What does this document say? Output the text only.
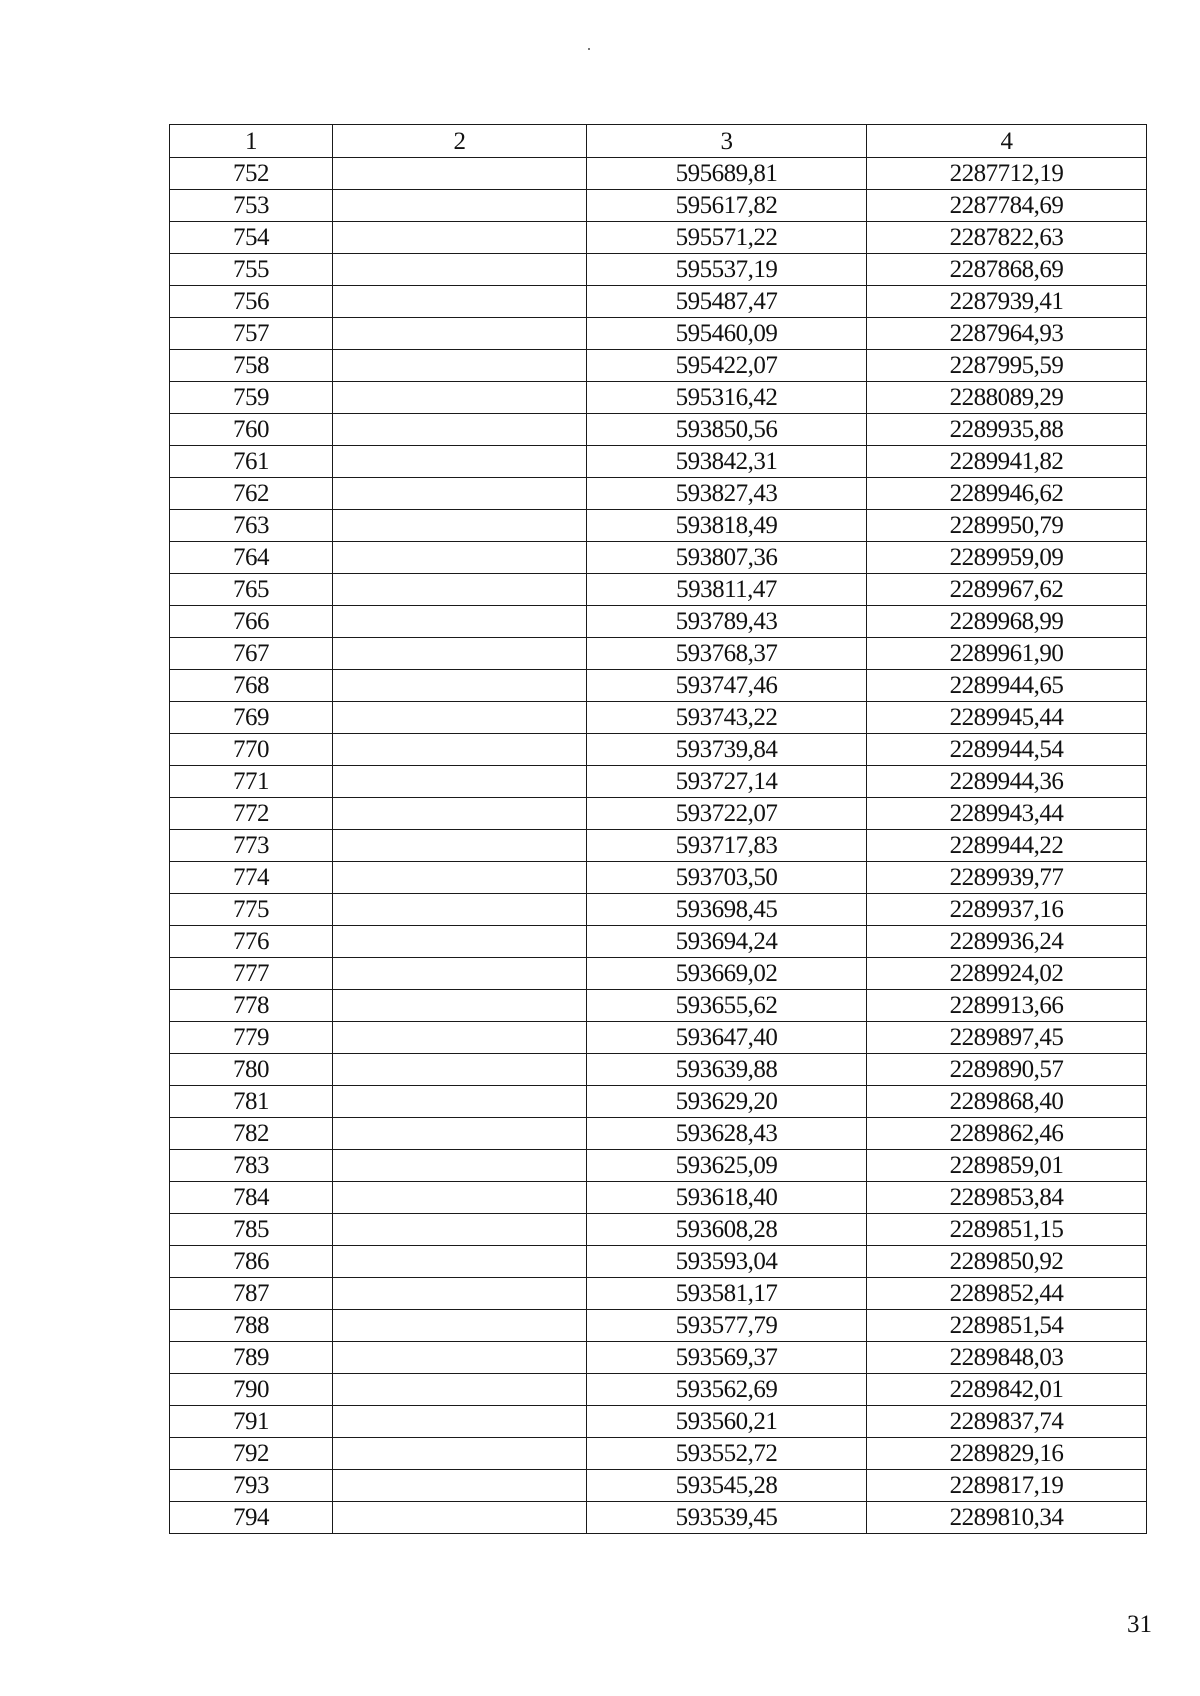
1	2	3	4
752		595689,81	2287712,19
753		595617,82	2287784,69
754		595571,22	2287822,63
755		595537,19	2287868,69
756		595487,47	2287939,41
757		595460,09	2287964,93
758		595422,07	2287995,59
759		595316,42	2288089,29
760		593850,56	2289935,88
761		593842,31	2289941,82
762		593827,43	2289946,62
763		593818,49	2289950,79
764		593807,36	2289959,09
765		593811,47	2289967,62
766		593789,43	2289968,99
767		593768,37	2289961,90
768		593747,46	2289944,65
769		593743,22	2289945,44
770		593739,84	2289944,54
771		593727,14	2289944,36
772		593722,07	2289943,44
773		593717,83	2289944,22
774		593703,50	2289939,77
775		593698,45	2289937,16
776		593694,24	2289936,24
777		593669,02	2289924,02
778		593655,62	2289913,66
779		593647,40	2289897,45
780		593639,88	2289890,57
781		593629,20	2289868,40
782		593628,43	2289862,46
783		593625,09	2289859,01
784		593618,40	2289853,84
785		593608,28	2289851,15
786		593593,04	2289850,92
787		593581,17	2289852,44
788		593577,79	2289851,54
789		593569,37	2289848,03
790		593562,69	2289842,01
791		593560,21	2289837,74
792		593552,72	2289829,16
793		593545,28	2289817,19
794		593539,45	2289810,34
31
